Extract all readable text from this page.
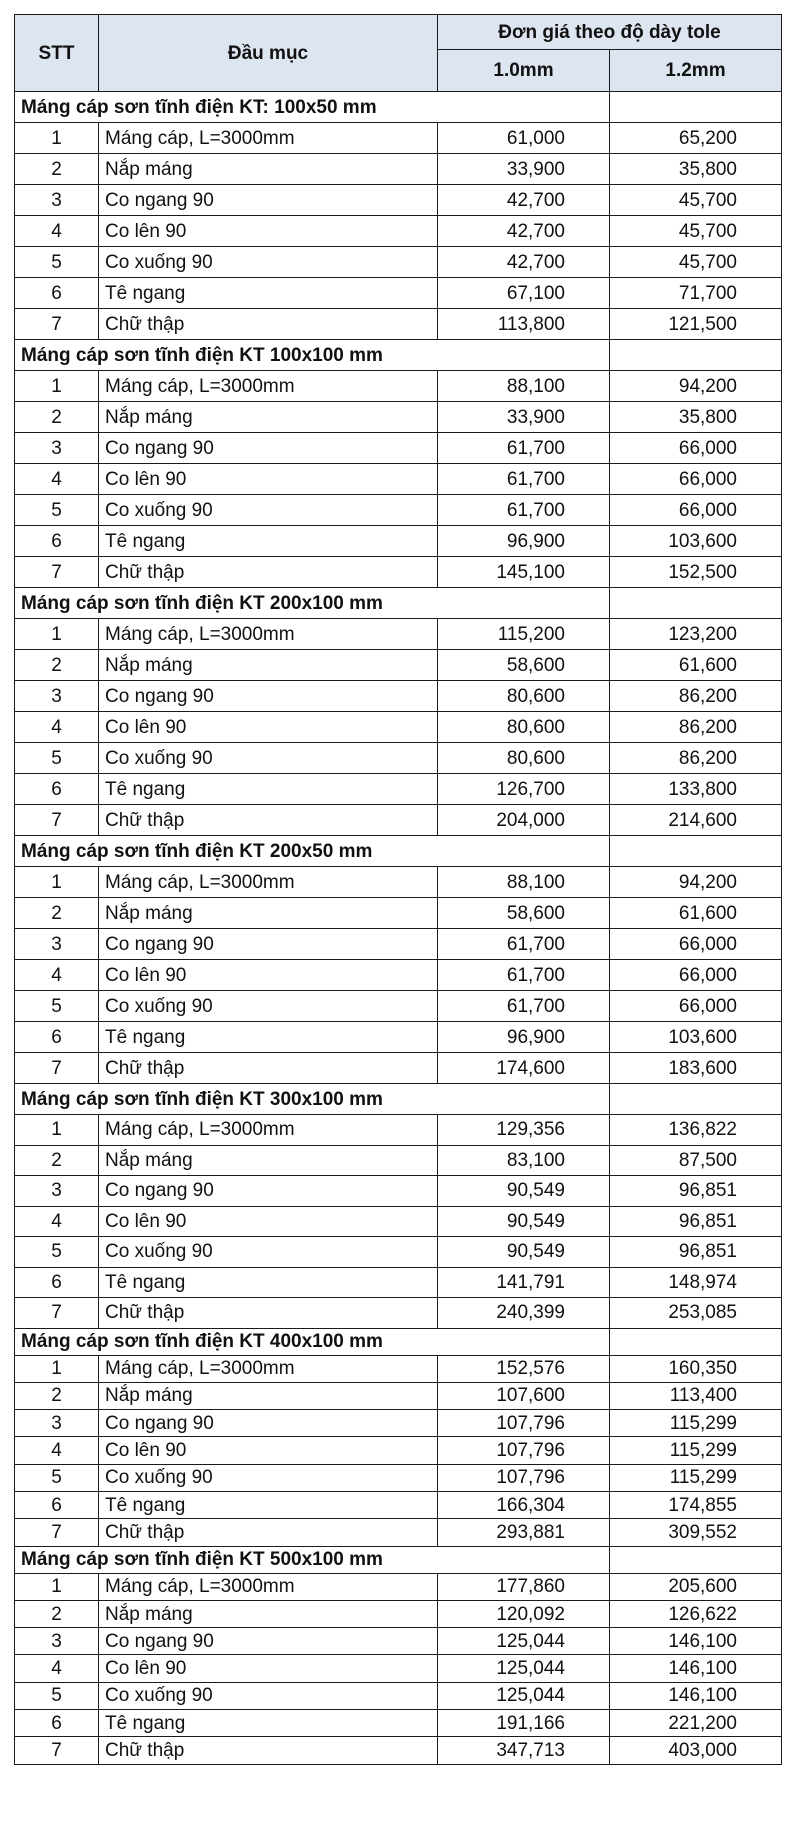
STT	Đầu mục	Đơn giá theo độ dày tole	
		1.0mm	1.2mm
Máng cáp sơn tĩnh điện KT: 100x50 mm			
1	Máng cáp, L=3000mm	61,000	65,200
2	Nắp máng	33,900	35,800
3	Co ngang 90	42,700	45,700
4	Co lên 90	42,700	45,700
5	Co xuống 90	42,700	45,700
6	Tê ngang	67,100	71,700
7	Chữ thập	113,800	121,500
Máng cáp sơn tĩnh điện KT 100x100 mm			
1	Máng cáp, L=3000mm	88,100	94,200
2	Nắp máng	33,900	35,800
3	Co ngang 90	61,700	66,000
4	Co lên 90	61,700	66,000
5	Co xuống 90	61,700	66,000
6	Tê ngang	96,900	103,600
7	Chữ thập	145,100	152,500
Máng cáp sơn tĩnh điện KT 200x100 mm			
1	Máng cáp, L=3000mm	115,200	123,200
2	Nắp máng	58,600	61,600
3	Co ngang 90	80,600	86,200
4	Co lên 90	80,600	86,200
5	Co xuống 90	80,600	86,200
6	Tê ngang	126,700	133,800
7	Chữ thập	204,000	214,600
Máng cáp sơn tĩnh điện KT 200x50 mm			
1	Máng cáp, L=3000mm	88,100	94,200
2	Nắp máng	58,600	61,600
3	Co ngang 90	61,700	66,000
4	Co lên 90	61,700	66,000
5	Co xuống 90	61,700	66,000
6	Tê ngang	96,900	103,600
7	Chữ thập	174,600	183,600
Máng cáp sơn tĩnh điện KT 300x100 mm			
1	Máng cáp, L=3000mm	129,356	136,822
2	Nắp máng	83,100	87,500
3	Co ngang 90	90,549	96,851
4	Co lên 90	90,549	96,851
5	Co xuống 90	90,549	96,851
6	Tê ngang	141,791	148,974
7	Chữ thập	240,399	253,085
Máng cáp sơn tĩnh điện KT 400x100 mm			
1	Máng cáp, L=3000mm	152,576	160,350
2	Nắp máng	107,600	113,400
3	Co ngang 90	107,796	115,299
4	Co lên 90	107,796	115,299
5	Co xuống 90	107,796	115,299
6	Tê ngang	166,304	174,855
7	Chữ thập	293,881	309,552
Máng cáp sơn tĩnh điện KT 500x100 mm			
1	Máng cáp, L=3000mm	177,860	205,600
2	Nắp máng	120,092	126,622
3	Co ngang 90	125,044	146,100
4	Co lên 90	125,044	146,100
5	Co xuống 90	125,044	146,100
6	Tê ngang	191,166	221,200
7	Chữ thập	347,713	403,000
